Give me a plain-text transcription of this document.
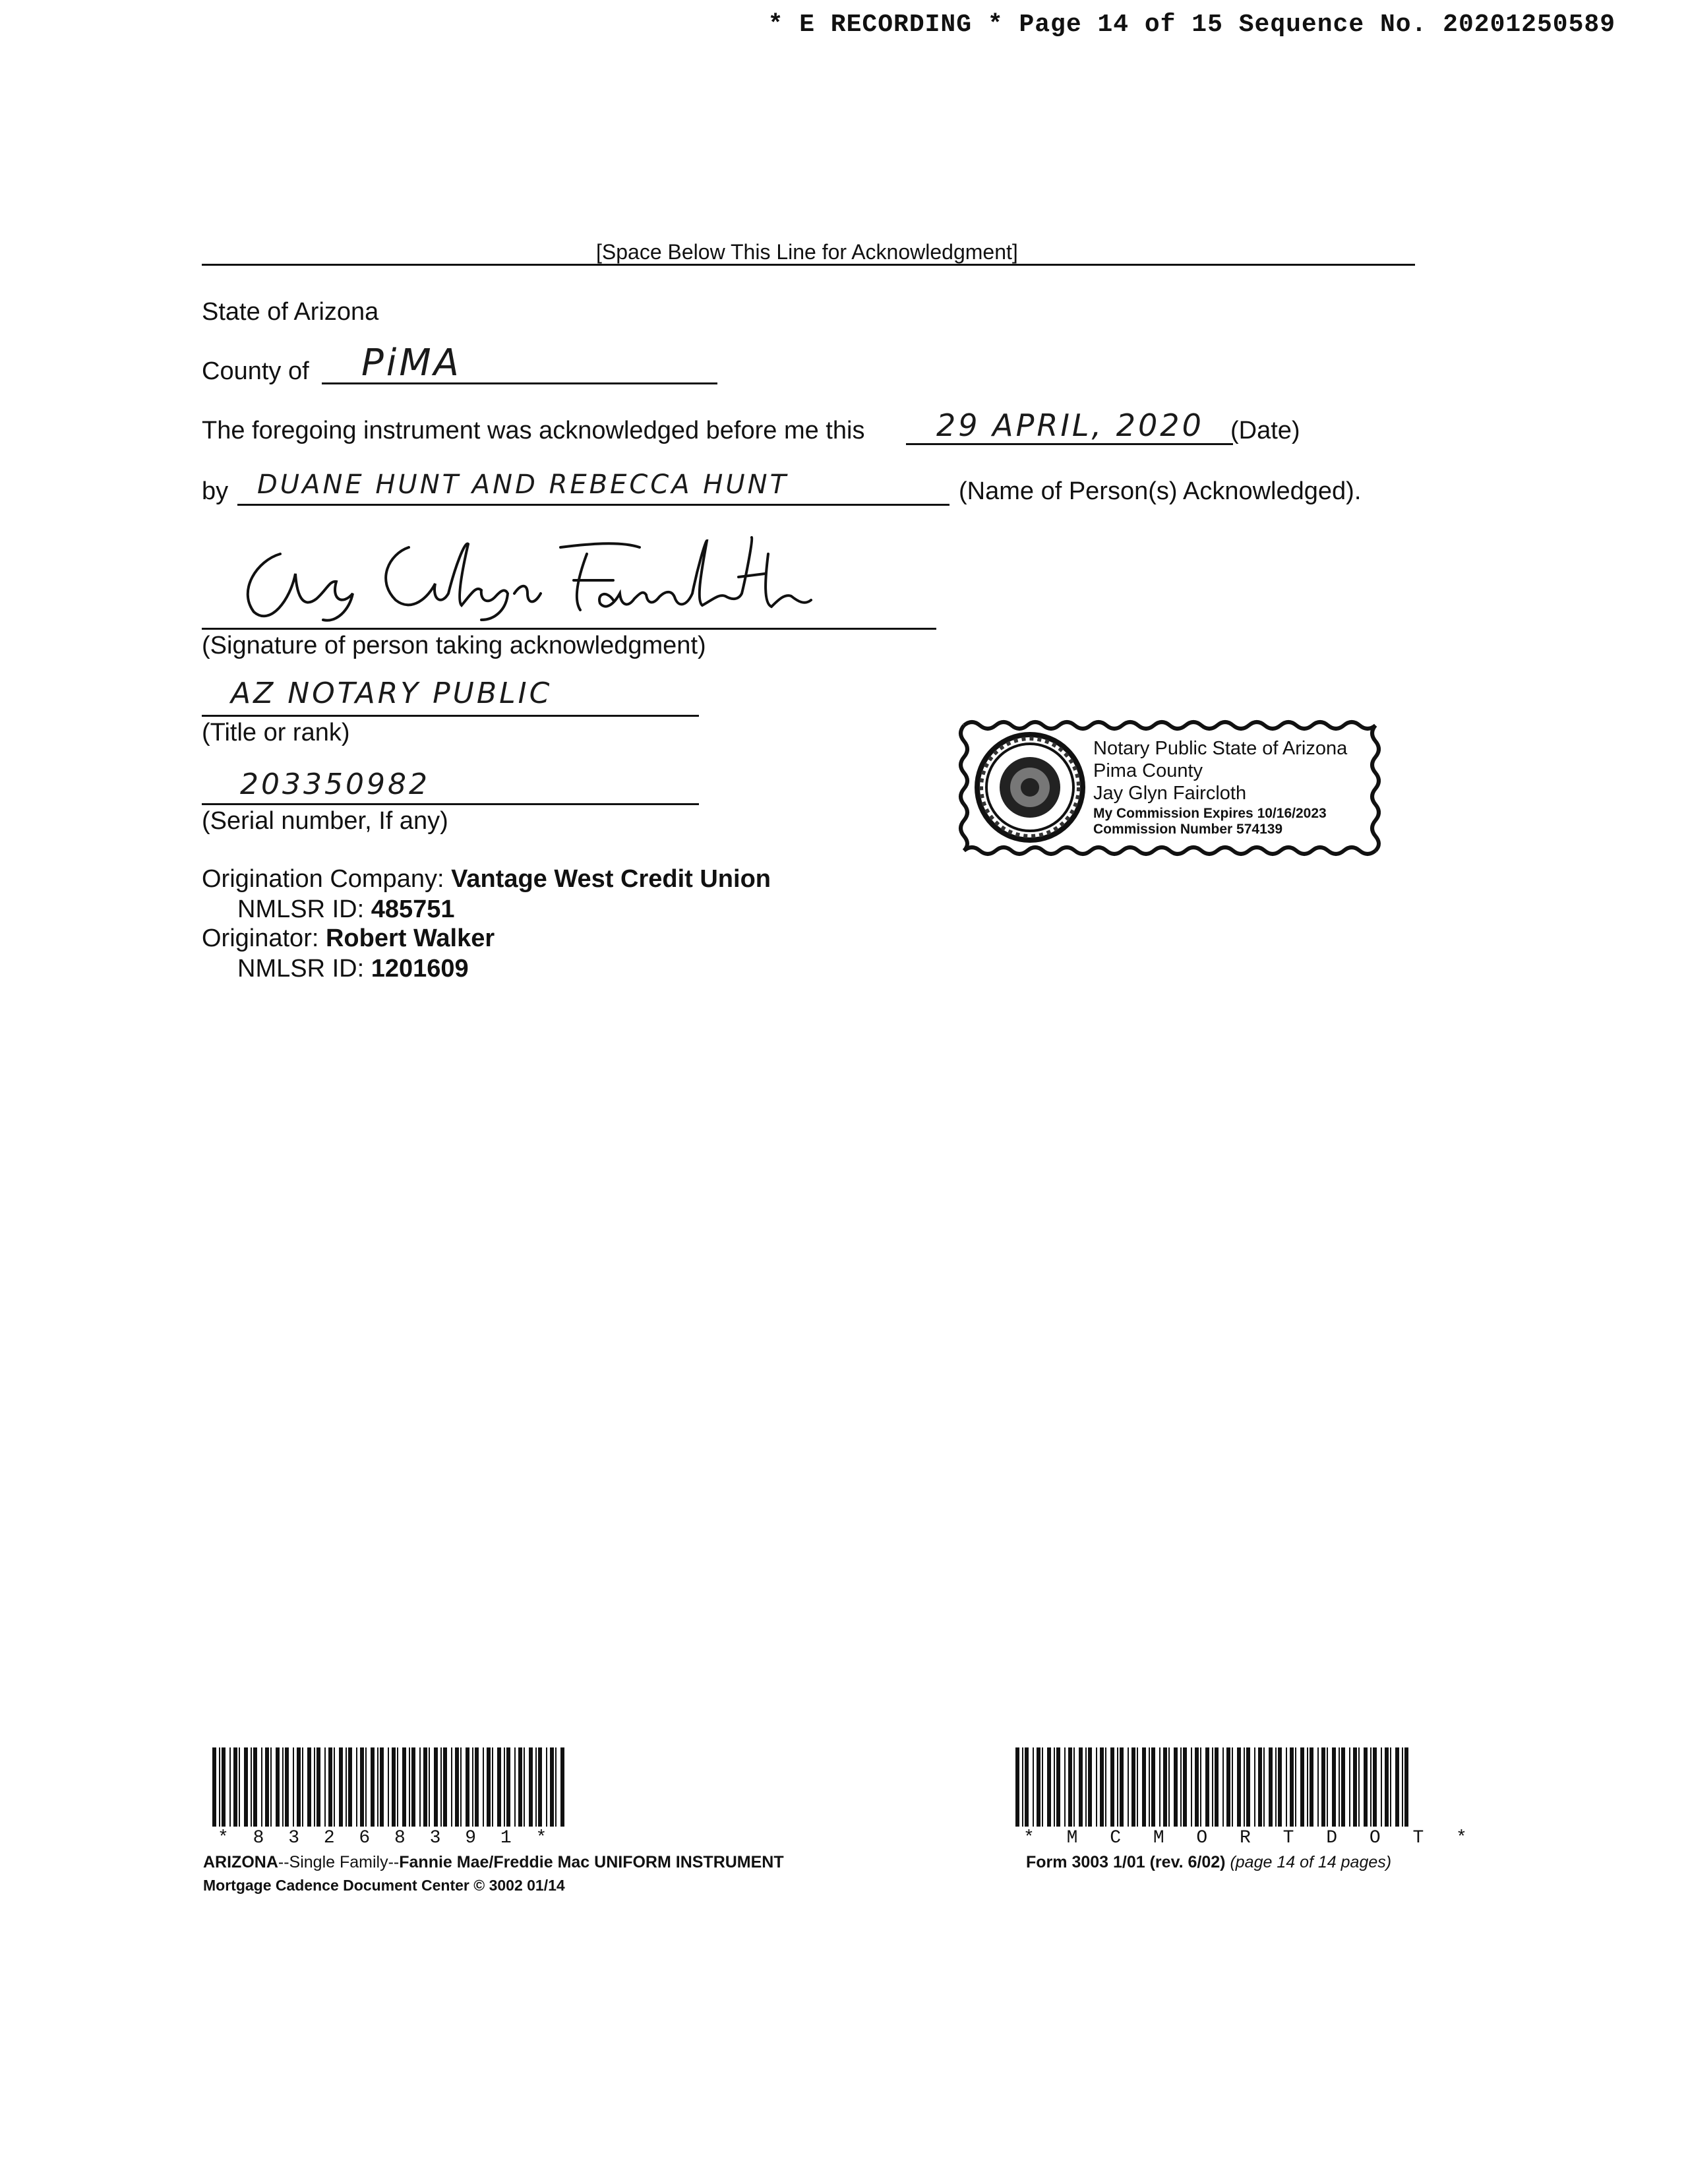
* E RECORDING * Page 14 of 15 Sequence No. 20201250589
[Space Below This Line for Acknowledgment]
State of Arizona
County of PiMA
The foregoing instrument was acknowledged before me this 29 APRIL, 2020 (Date)
by DUANE HUNT AND REBECCA HUNT	(Name of Person(s) Acknowledged).
(Signature of person taking acknowledgment)
AZ NOTARY PUBLIC
(Title or rank)
203350982
(Serial number, If any)
Notary Public State of Arizona
Pima County
Jay Glyn Faircloth
My Commission Expires 10/16/2023
Commission Number 574139
Origination Company: Vantage West Credit Union
NMLSR ID: 485751
Originator: Robert Walker
NMLSR ID: 1201609
* 8 3 2 6 8 3 9 1 *	* M C M O R T D O T *
ARIZONA--Single Family--Fannie Mae/Freddie Mac UNIFORM INSTRUMENT
Mortgage Cadence Document Center © 3002 01/14
Form 3003 1/01 (rev. 6/02) (page 14 of 14 pages)
